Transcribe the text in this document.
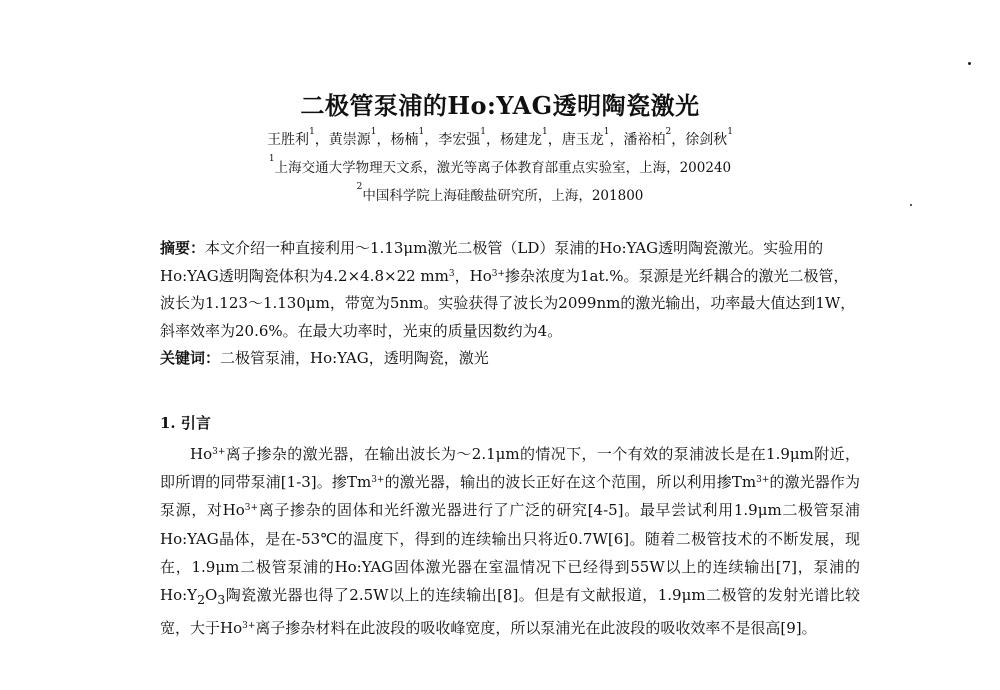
二极管泵浦的Ho:YAG透明陶瓷激光
王胜利$^1$，黄崇源$^1$，杨楠$^1$，李宏强$^1$，杨建龙$^1$，唐玉龙$^1$，潘裕柏$^2$，徐剑秋$^1$
$^1$上海交通大学物理天文系，激光等离子体教育部重点实验室，上海，200240
$^2$中国科学院上海硅酸盐研究所，上海，201800
摘要：本文介绍一种直接利用～1.13μm激光二极管（LD）泵浦的Ho:YAG透明陶瓷激光。实验用的Ho:YAG透明陶瓷体积为4.2×4.8×22 $mm^3$，$Ho^{3+}$掺杂浓度为1at.%。泵源是光纤耦合的激光二极管，波长为1.123～1.130μm，带宽为5nm。实验获得了波长为2099nm的激光输出，功率最大值达到1W，斜率效率为20.6%。在最大功率时，光束的质量因数约为4。
关键词：二极管泵浦，Ho:YAG，透明陶瓷，激光
1. 引言

$Ho^{3+}$离子掺杂的激光器，在输出波长为～2.1μm的情况下，一个有效的泵浦波长是在1.9μm附近，即所谓的同带泵浦[1-3]。掺$Tm^{3+}$的激光器，输出的波长正好在这个范围，所以利用掺$Tm^{3+}$的激光器作为泵源，对$Ho^{3+}$离子掺杂的固体和光纤激光器进行了广泛的研究[4-5]。最早尝试利用1.9μm二极管泵浦Ho:YAG晶体，是在-53℃的温度下，得到的连续输出只将近0.7W[6]。随着二极管技术的不断发展，现在，1.9μm二极管泵浦的Ho:YAG固体激光器在室温情况下已经得到55W以上的连续输出[7]，泵浦的$Ho:Y_2O_3$陶瓷激光器也得了2.5W以上的连续输出[8]。但是有文献报道，1.9μm二极管的发射光谱比较宽，大于$Ho^{3+}$离子掺杂材料在此波段的吸收峰宽度，所以泵浦光在此波段的吸收效率不是很高[9]。
